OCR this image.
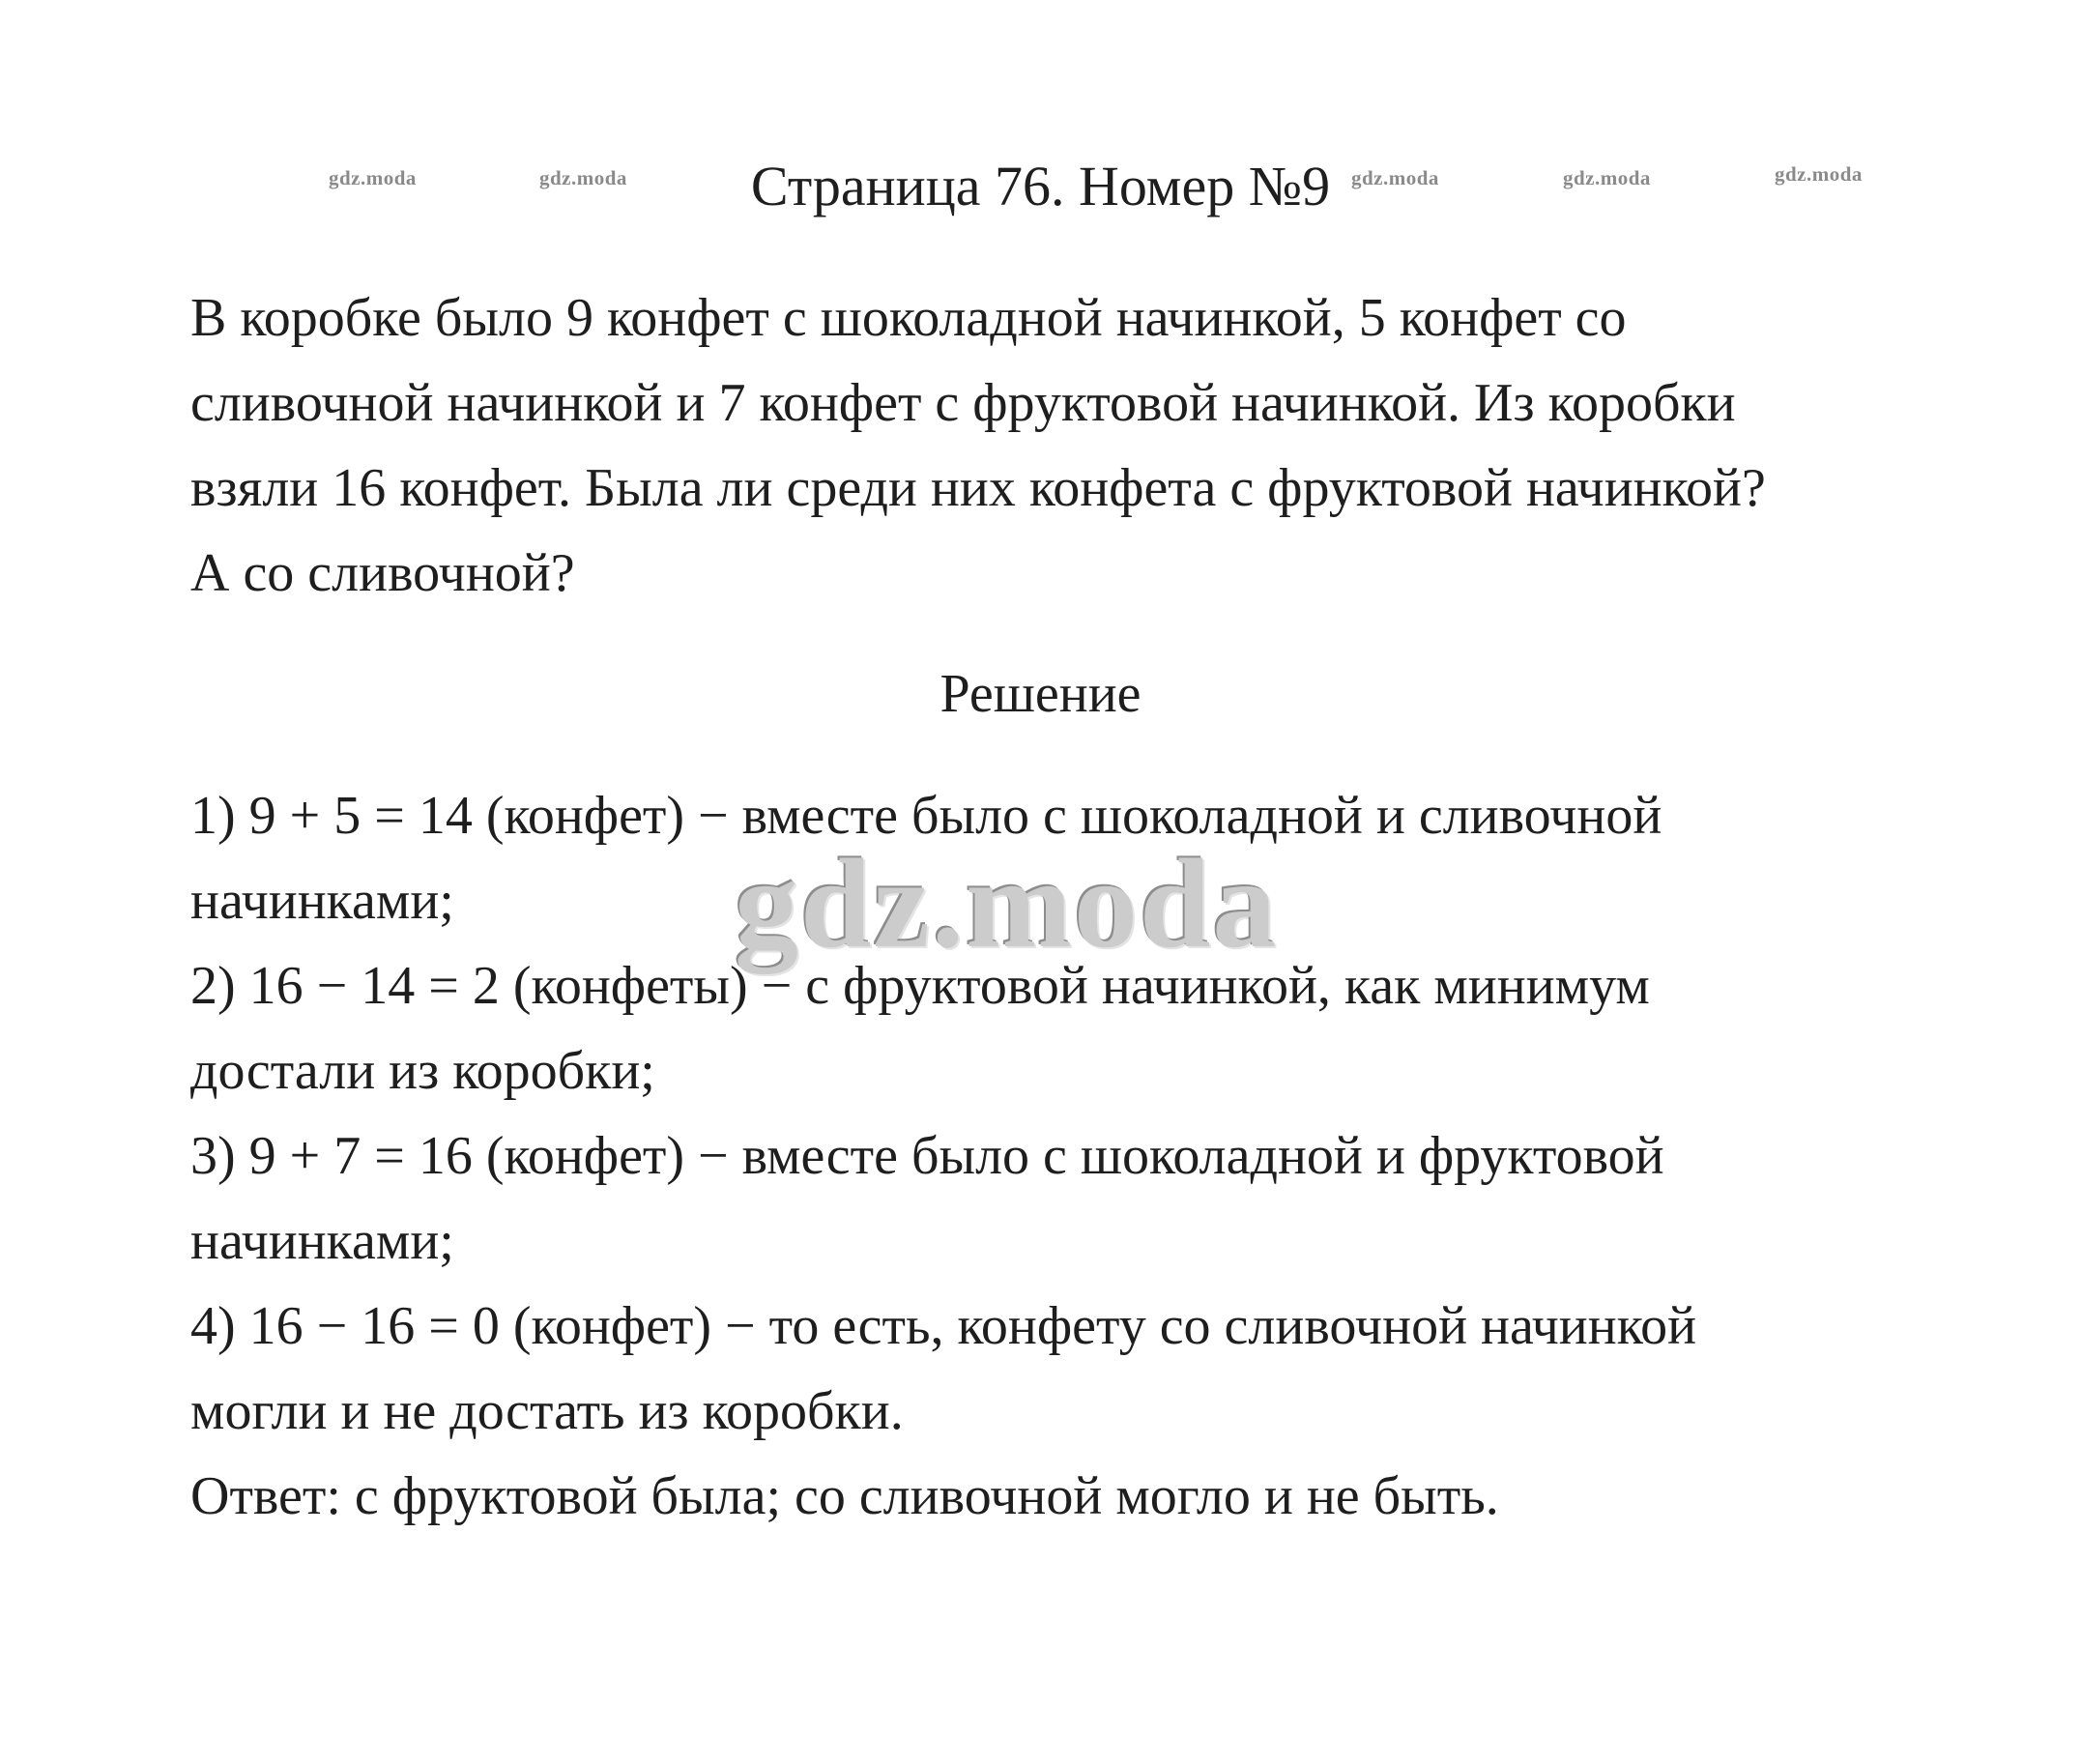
gdz.moda	gdz.moda	gdz.moda	gdz.moda	gdz.moda
Страница 76. Номер №9
В коробке было 9 конфет с шоколадной начинкой, 5 конфет со
сливочной начинкой и 7 конфет с фруктовой начинкой. Из коробки
взяли 16 конфет. Была ли среди них конфета с фруктовой начинкой?
А со сливочной?
Решение
1) 9 + 5 = 14 (конфет) − вместе было с шоколадной и сливочной
начинками;
2) 16 − 14 = 2 (конфеты) − с фруктовой начинкой, как минимум
достали из коробки;
3) 9 + 7 = 16 (конфет) − вместе было с шоколадной и фруктовой
начинками;
4) 16 − 16 = 0 (конфет) − то есть, конфету со сливочной начинкой
могли и не достать из коробки.
Ответ: с фруктовой была; со сливочной могло и не быть.
gdz.moda
